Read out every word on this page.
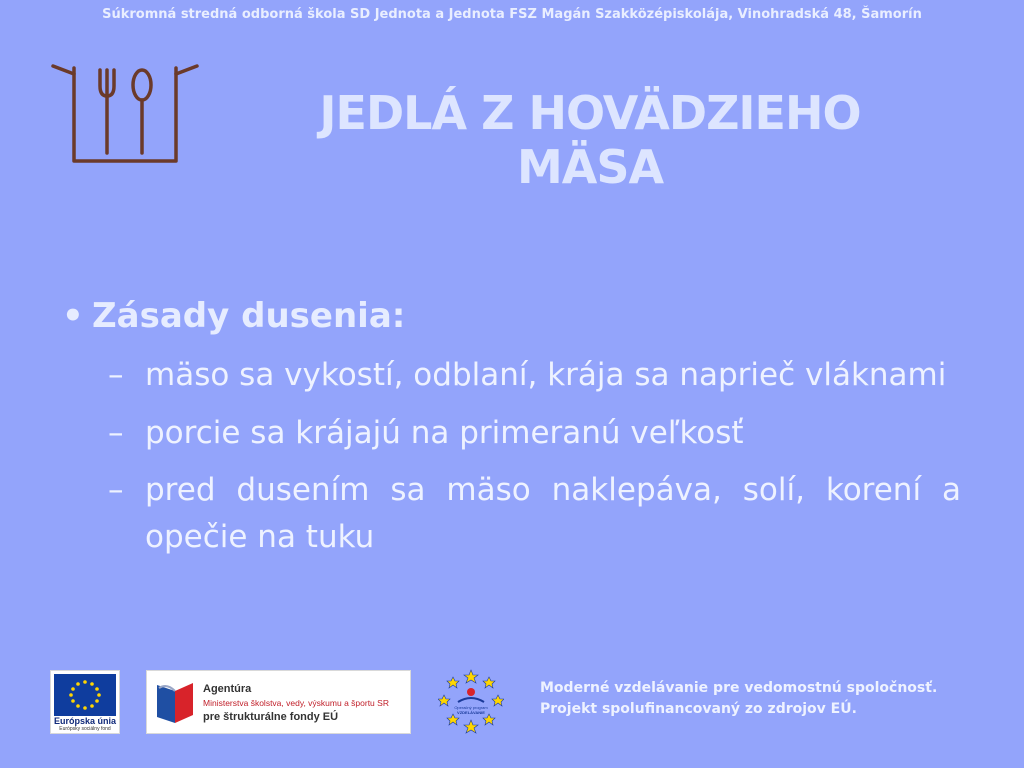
Súkromná stredná odborná škola SD Jednota a Jednota FSZ Magán Szakközépiskolája, Vinohradská 48, Šamorín
JEDLÁ Z HOVÄDZIEHO MÄSA
• Zásady dusenia:
– mäso sa vykostí, odblaní, krája sa naprieč vláknami
– porcie sa krájajú na primeranú veľkosť
– pred dusením sa mäso naklepáva, solí, korení a opečie na tuku
Európska únia
Európsky sociálny fond
Agentúra
Ministerstva školstva, vedy, výskumu a športu SR
pre štrukturálne fondy EÚ
Operačný program
VZDELÁVANIE
Moderné vzdelávanie pre vedomostnú spoločnosť.
Projekt spolufinancovaný zo zdrojov EÚ.
